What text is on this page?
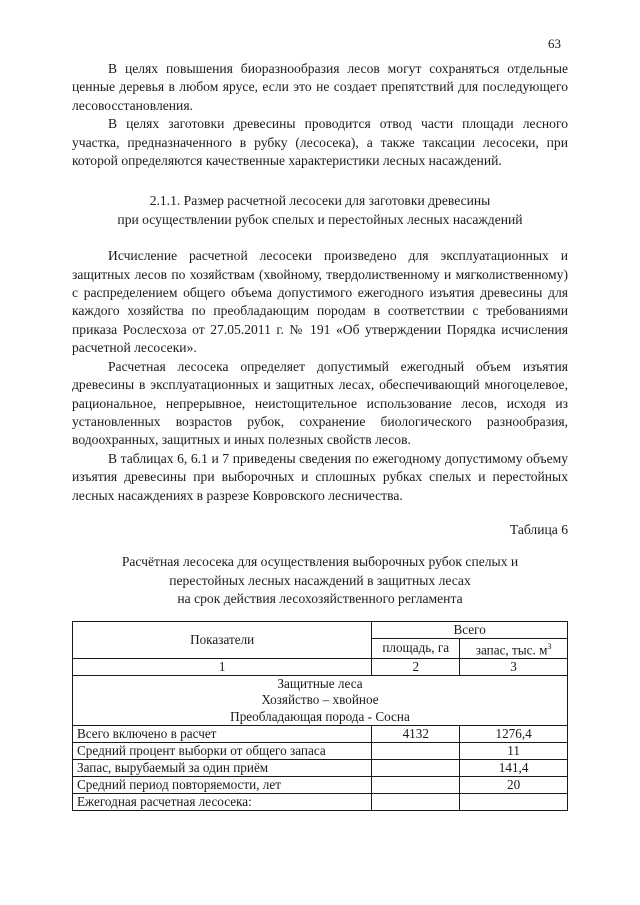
63

В целях повышения биоразнообразия лесов могут сохраняться отдельные ценные деревья в любом ярусе, если это не создает препятствий для последующего лесовосстановления.

В целях заготовки древесины проводится отвод части площади лесного участка, предназначенного в рубку (лесосека), а также таксации лесосеки, при которой определяются качественные характеристики лесных насаждений.

2.1.1. Размер расчетной лесосеки для заготовки древесины
при осуществлении рубок спелых и перестойных лесных насаждений

Исчисление расчетной лесосеки произведено для эксплуатационных и защитных лесов по хозяйствам (хвойному, твердолиственному и мягколиственному) с распределением общего объема допустимого ежегодного изъятия древесины для каждого хозяйства по преобладающим породам в соответствии с требованиями приказа Рослесхоза от 27.05.2011 г. № 191 «Об утверждении Порядка исчисления расчетной лесосеки».

Расчетная лесосека определяет допустимый ежегодный объем изъятия древесины в эксплуатационных и защитных лесах, обеспечивающий многоцелевое, рациональное, непрерывное, неистощительное использование лесов, исходя из установленных возрастов рубок, сохранение биологического разнообразия, водоохранных, защитных и иных полезных свойств лесов.

В таблицах 6, 6.1 и 7 приведены сведения по ежегодному допустимому объему изъятия древесины при выборочных и сплошных рубках спелых и перестойных лесных насаждениях в разрезе Ковровского лесничества.

Таблица 6
Расчётная лесосека для осуществления выборочных рубок спелых и
перестойных лесных насаждений в защитных лесах
на срок действия лесохозяйственного регламента
Показатели	Всего	
	площадь, га	запас, тыс. $м^3$
1	2	3

Защитные леса
Хозяйство – хвойное
Преобладающая порода - Сосна		

Всего включено в расчет	4132	1276,4
Средний процент выборки от общего запаса		11
Запас, вырубаемый за один приём		141,4
Средний период повторяемости, лет		20
Ежегодная расчетная лесосека:		
